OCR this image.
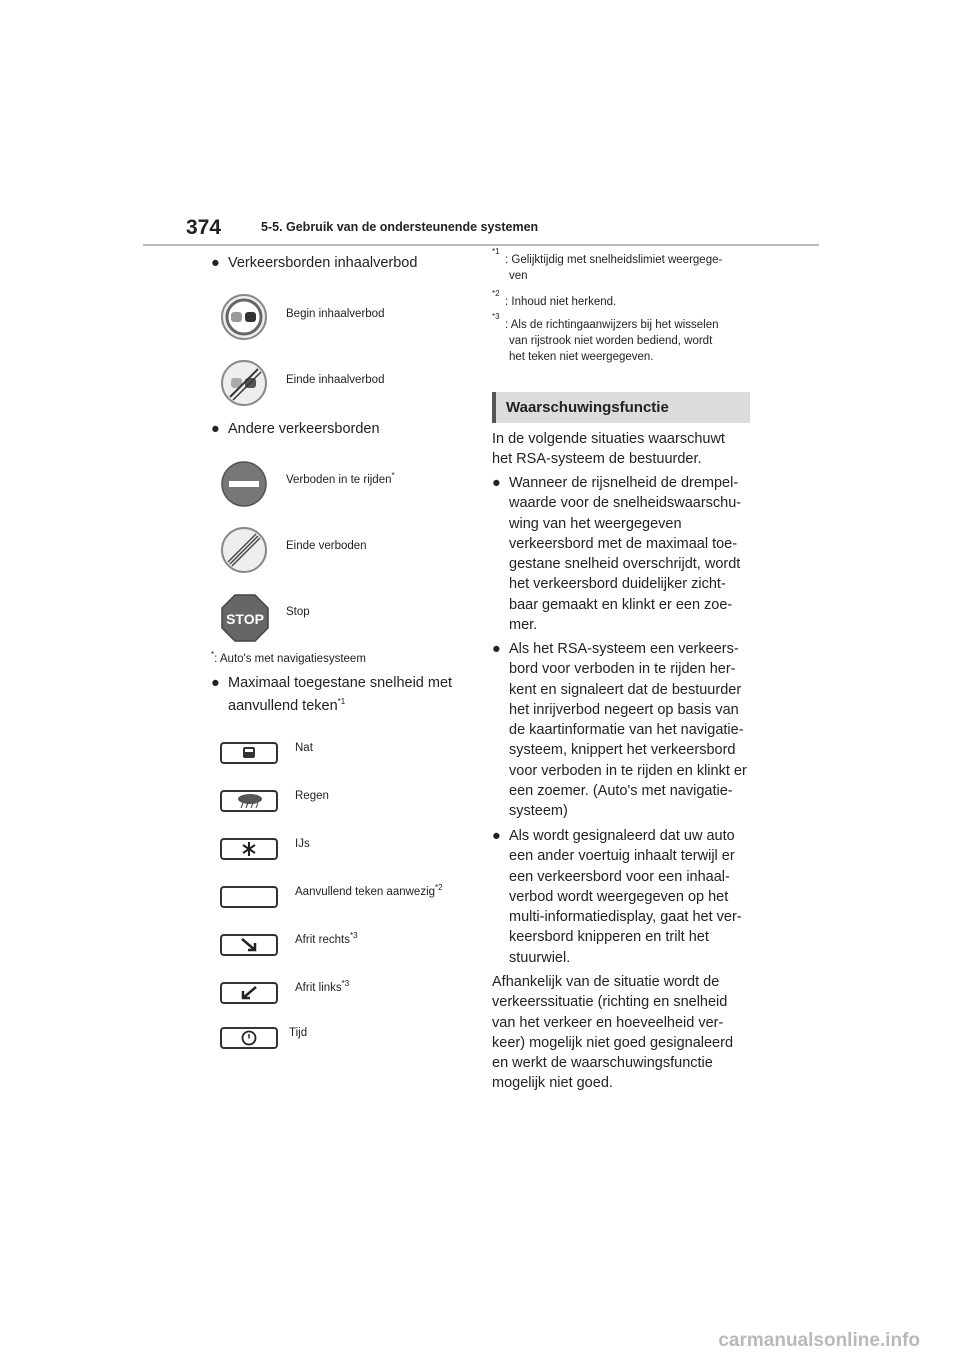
374	5-5. Gebruik van de ondersteunende systemen
● Verkeersborden inhaalverbod
Begin inhaalverbod
Einde inhaalverbod
● Andere verkeersborden
Verboden in te rijden*
Einde verboden
STOP Stop
*: Auto's met navigatiesysteem
● Maximaal toegestane snelheid met
aanvullend teken$^{*1}$
Nat
Regen
IJs
Aanvullend teken aanwezig$^{*2}$
Afrit rechts$^{*3}$
Afrit links$^{*3}$
Tijd
*1
: Gelijktijdig met snelheidslimiet weergege-
ven
*2
: Inhoud niet herkend.
*3
: Als de richtingaanwijzers bij het wisselen
van rijstrook niet worden bediend, wordt
het teken niet weergegeven.
Waarschuwingsfunctie
In de volgende situaties waarschuwt
het RSA-systeem de bestuurder.
● Wanneer de rijsnelheid de drempel-
waarde voor de snelheidswaarschu-
wing van het weergegeven
verkeersbord met de maximaal toe-
gestane snelheid overschrijdt, wordt
het verkeersbord duidelijker zicht-
baar gemaakt en klinkt er een zoe-
mer.
● Als het RSA-systeem een verkeers-
bord voor verboden in te rijden her-
kent en signaleert dat de bestuurder
het inrijverbod negeert op basis van
de kaartinformatie van het navigatie-
systeem, knippert het verkeersbord
voor verboden in te rijden en klinkt er
een zoemer. (Auto's met navigatie-
systeem)
● Als wordt gesignaleerd dat uw auto
een ander voertuig inhaalt terwijl er
een verkeersbord voor een inhaal-
verbod wordt weergegeven op het
multi-informatiedisplay, gaat het ver-
keersbord knipperen en trilt het
stuurwiel.
Afhankelijk van de situatie wordt de
verkeerssituatie (richting en snelheid
van het verkeer en hoeveelheid ver-
keer) mogelijk niet goed gesignaleerd
en werkt de waarschuwingsfunctie
mogelijk niet goed.
carmanualsonline.info
